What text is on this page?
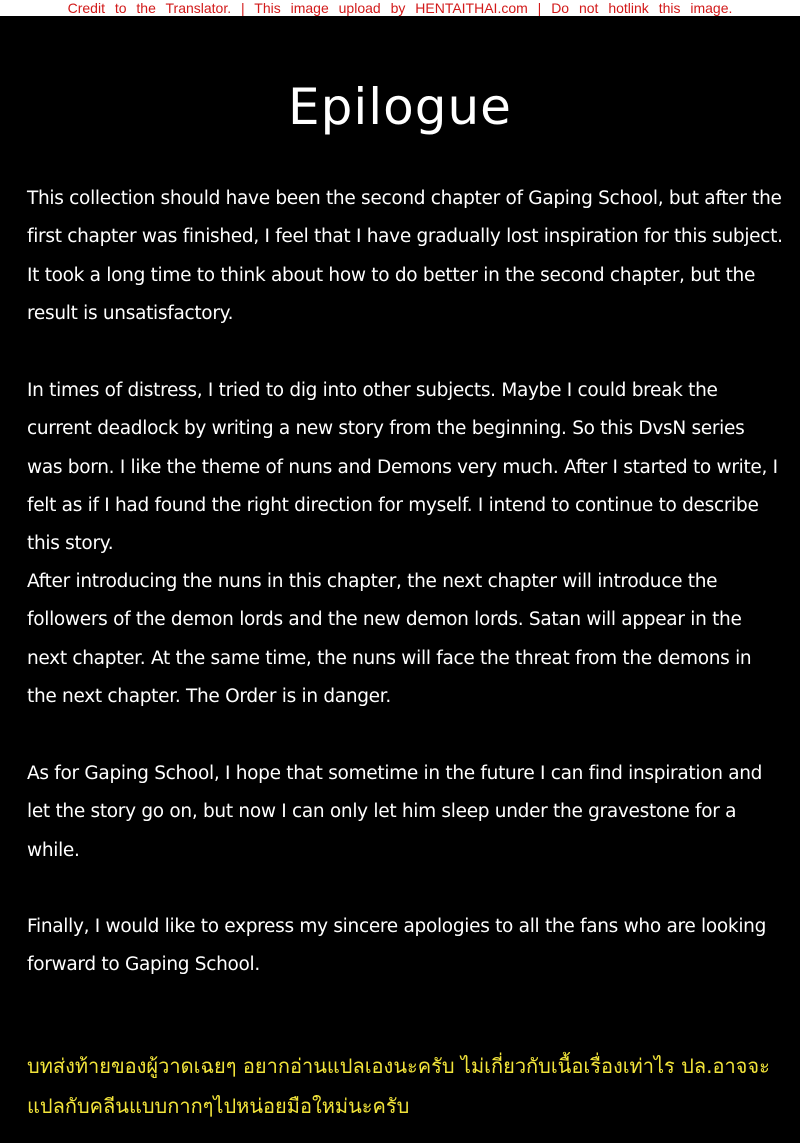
Credit to the Translator. | This image upload by HENTAITHAI.com | Do not hotlink this image.
Epilogue

This collection should have been the second chapter of Gaping School, but after the first chapter was finished, I feel that I have gradually lost inspiration for this subject. It took a long time to think about how to do better in the second chapter, but the result is unsatisfactory.

In times of distress, I tried to dig into other subjects. Maybe I could break the current deadlock by writing a new story from the beginning. So this DvsN series was born. I like the theme of nuns and Demons very much. After I started to write, I felt as if I had found the right direction for myself. I intend to continue to describe this story.

After introducing the nuns in this chapter, the next chapter will introduce the followers of the demon lords and the new demon lords. Satan will appear in the next chapter. At the same time, the nuns will face the threat from the demons in the next chapter. The Order is in danger.

As for Gaping School, I hope that sometime in the future I can find inspiration and let the story go on, but now I can only let him sleep under the gravestone for a while.

Finally, I would like to express my sincere apologies to all the fans who are looking forward to Gaping School.

บทส่งท้ายของผู้วาดเฉยๆ อยากอ่านแปลเองนะครับ ไม่เกี่ยวกับเนื้อเรื่องเท่าไร ปล.อาจจะแปลกับคลีนแบบกากๆไปหน่อยมือใหม่นะครับ
